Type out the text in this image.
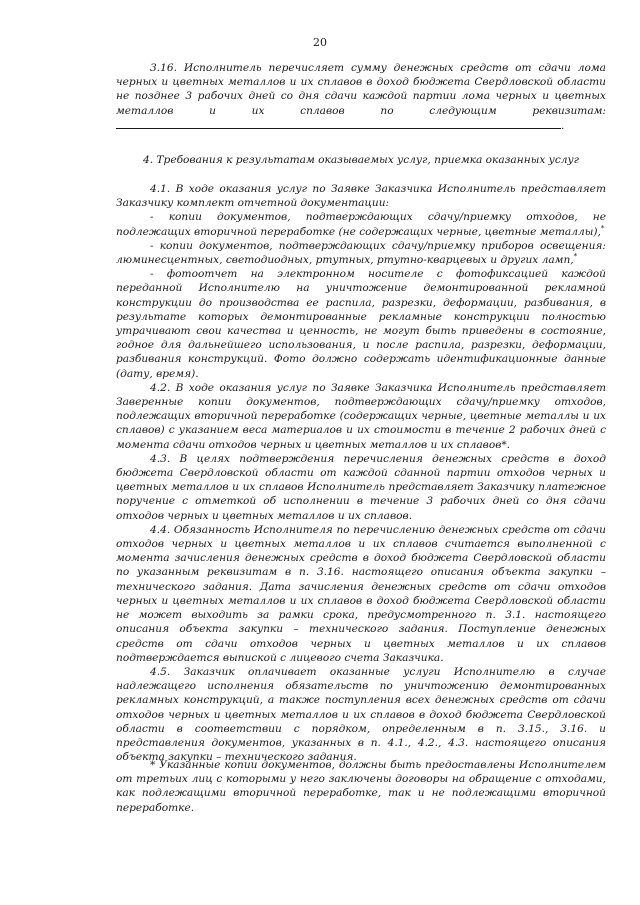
20

3.16. Исполнитель перечисляет сумму денежных средств от сдачи лома черных и цветных металлов и их сплавов в доход бюджета Свердловской области не позднее 3 рабочих дней со дня сдачи каждой партии лома черных и цветных металлов и их сплавов по следующим реквизитам: .

4. Требования к результатам оказываемых услуг, приемка оказанных услуг

4.1. В ходе оказания услуг по Заявке Заказчика Исполнитель представляет Заказчику комплект отчетной документации:

- копии документов, подтверждающих сдачу/приемку отходов, не подлежащих вторичной переработке (не содержащих черные, цветные металлы),*

- копии документов, подтверждающих сдачу/приемку приборов освещения: люминесцентных, светодиодных, ртутных, ртутно-кварцевых и других ламп,*

- фотоотчет на электронном носителе с фотофиксацией каждой переданной Исполнителю на уничтожение демонтированной рекламной конструкции до производства ее распила, разрезки, деформации, разбивания, в результате которых демонтированные рекламные конструкции полностью утрачивают свои качества и ценность, не могут быть приведены в состояние, годное для дальнейшего использования, и после распила, разрезки, деформации, разбивания конструкций. Фото должно содержать идентификационные данные (дату, время).

4.2. В ходе оказания услуг по Заявке Заказчика Исполнитель представляет Заверенные копии документов, подтверждающих сдачу/приемку отходов, подлежащих вторичной переработке (содержащих черные, цветные металлы и их сплавов) с указанием веса материалов и их стоимости в течение 2 рабочих дней с момента сдачи отходов черных и цветных металлов и их сплавов*.

4.3. В целях подтверждения перечисления денежных средств в доход бюджета Свердловской области от каждой сданной партии отходов черных и цветных металлов и их сплавов Исполнитель представляет Заказчику платежное поручение с отметкой об исполнении в течение 3 рабочих дней со дня сдачи отходов черных и цветных металлов и их сплавов.

4.4. Обязанность Исполнителя по перечислению денежных средств от сдачи отходов черных и цветных металлов и их сплавов считается выполненной с момента зачисления денежных средств в доход бюджета Свердловской области по указанным реквизитам в п. 3.16. настоящего описания объекта закупки – технического задания. Дата зачисления денежных средств от сдачи отходов черных и цветных металлов и их сплавов в доход бюджета Свердловской области не может выходить за рамки срока, предусмотренного п. 3.1. настоящего описания объекта закупки – технического задания. Поступление денежных средств от сдачи отходов черных и цветных металлов и их сплавов подтверждается выпиской с лицевого счета Заказчика.

4.5. Заказчик оплачивает оказанные услуги Исполнителю в случае надлежащего исполнения обязательств по уничтожению демонтированных рекламных конструкций, а также поступления всех денежных средств от сдачи отходов черных и цветных металлов и их сплавов в доход бюджета Свердловской области в соответствии с порядком, определенным в п. 3.15., 3.16. и представления документов, указанных в п. 4.1., 4.2., 4.3. настоящего описания объекта закупки – технического задания.

* Указанные копии документов, должны быть предоставлены Исполнителем от третьих лиц с которыми у него заключены договоры на обращение с отходами, как подлежащими вторичной переработке, так и не подлежащими вторичной переработке.
